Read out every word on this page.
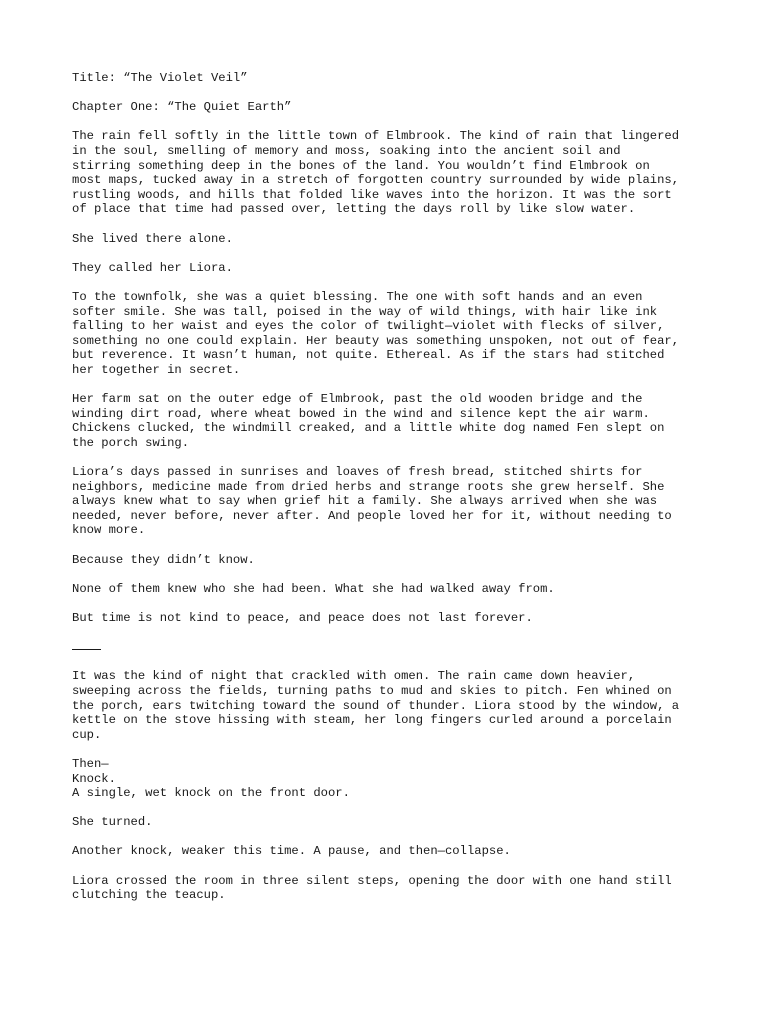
Title: “The Violet Veil”

Chapter One: “The Quiet Earth”

The rain fell softly in the little town of Elmbrook. The kind of rain that lingered
in the soul, smelling of memory and moss, soaking into the ancient soil and
stirring something deep in the bones of the land. You wouldn’t find Elmbrook on
most maps, tucked away in a stretch of forgotten country surrounded by wide plains,
rustling woods, and hills that folded like waves into the horizon. It was the sort
of place that time had passed over, letting the days roll by like slow water.

She lived there alone.

They called her Liora.

To the townfolk, she was a quiet blessing. The one with soft hands and an even
softer smile. She was tall, poised in the way of wild things, with hair like ink
falling to her waist and eyes the color of twilight—violet with flecks of silver,
something no one could explain. Her beauty was something unspoken, not out of fear,
but reverence. It wasn’t human, not quite. Ethereal. As if the stars had stitched
her together in secret.

Her farm sat on the outer edge of Elmbrook, past the old wooden bridge and the
winding dirt road, where wheat bowed in the wind and silence kept the air warm.
Chickens clucked, the windmill creaked, and a little white dog named Fen slept on
the porch swing.

Liora’s days passed in sunrises and loaves of fresh bread, stitched shirts for
neighbors, medicine made from dried herbs and strange roots she grew herself. She
always knew what to say when grief hit a family. She always arrived when she was
needed, never before, never after. And people loved her for it, without needing to
know more.

Because they didn’t know.

None of them knew who she had been. What she had walked away from.

But time is not kind to peace, and peace does not last forever.

It was the kind of night that crackled with omen. The rain came down heavier,
sweeping across the fields, turning paths to mud and skies to pitch. Fen whined on
the porch, ears twitching toward the sound of thunder. Liora stood by the window, a
kettle on the stove hissing with steam, her long fingers curled around a porcelain
cup.

Then—
Knock.
A single, wet knock on the front door.

She turned.

Another knock, weaker this time. A pause, and then—collapse.

Liora crossed the room in three silent steps, opening the door with one hand still
clutching the teacup.
